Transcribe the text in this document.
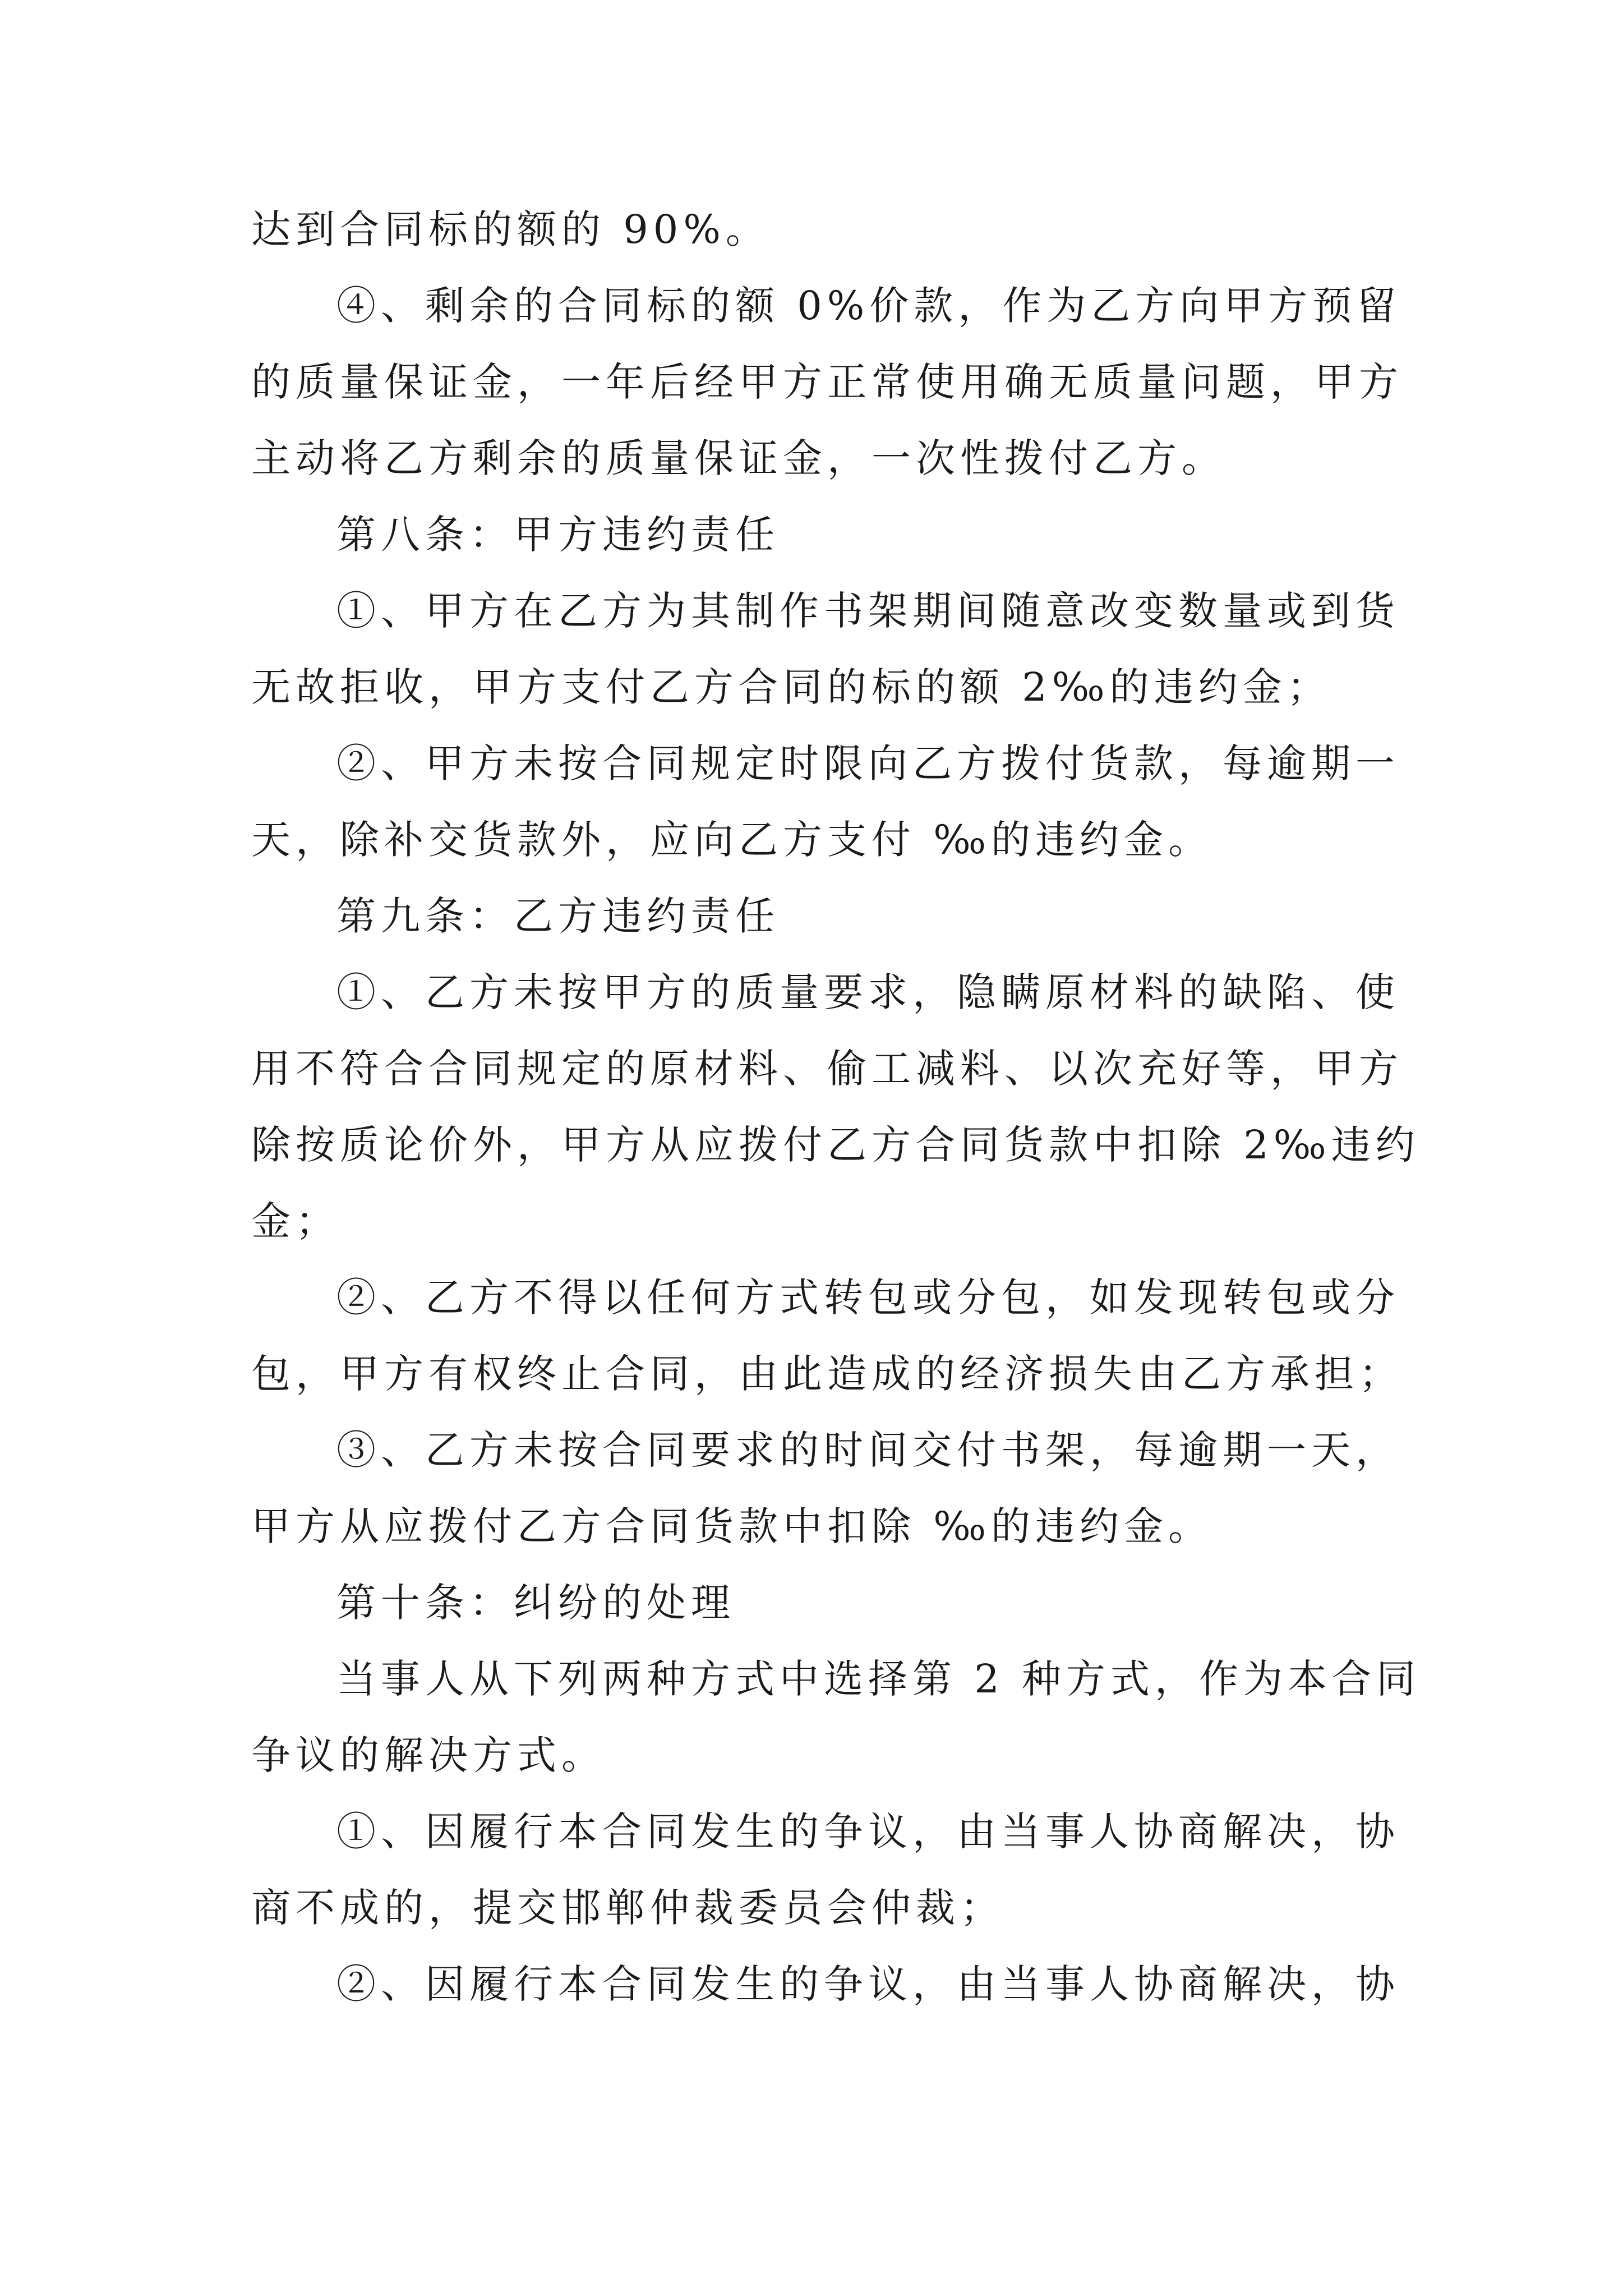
达到合同标的额的 90%。
④、剩余的合同标的额 0%价款，作为乙方向甲方预留
的质量保证金，一年后经甲方正常使用确无质量问题，甲方
主动将乙方剩余的质量保证金，一次性拨付乙方。
第八条：甲方违约责任
①、甲方在乙方为其制作书架期间随意改变数量或到货
无故拒收，甲方支付乙方合同的标的额 2‰的违约金；
②、甲方未按合同规定时限向乙方拨付货款，每逾期一
天，除补交货款外，应向乙方支付 ‰的违约金。
第九条：乙方违约责任
①、乙方未按甲方的质量要求，隐瞒原材料的缺陷、使
用不符合合同规定的原材料、偷工减料、以次充好等，甲方
除按质论价外，甲方从应拨付乙方合同货款中扣除 2‰违约
金；
②、乙方不得以任何方式转包或分包，如发现转包或分
包，甲方有权终止合同，由此造成的经济损失由乙方承担；
③、乙方未按合同要求的时间交付书架，每逾期一天，
甲方从应拨付乙方合同货款中扣除 ‰的违约金。
第十条：纠纷的处理
当事人从下列两种方式中选择第 2 种方式，作为本合同
争议的解决方式。
①、因履行本合同发生的争议，由当事人协商解决，协
商不成的，提交邯郸仲裁委员会仲裁；
②、因履行本合同发生的争议，由当事人协商解决，协
